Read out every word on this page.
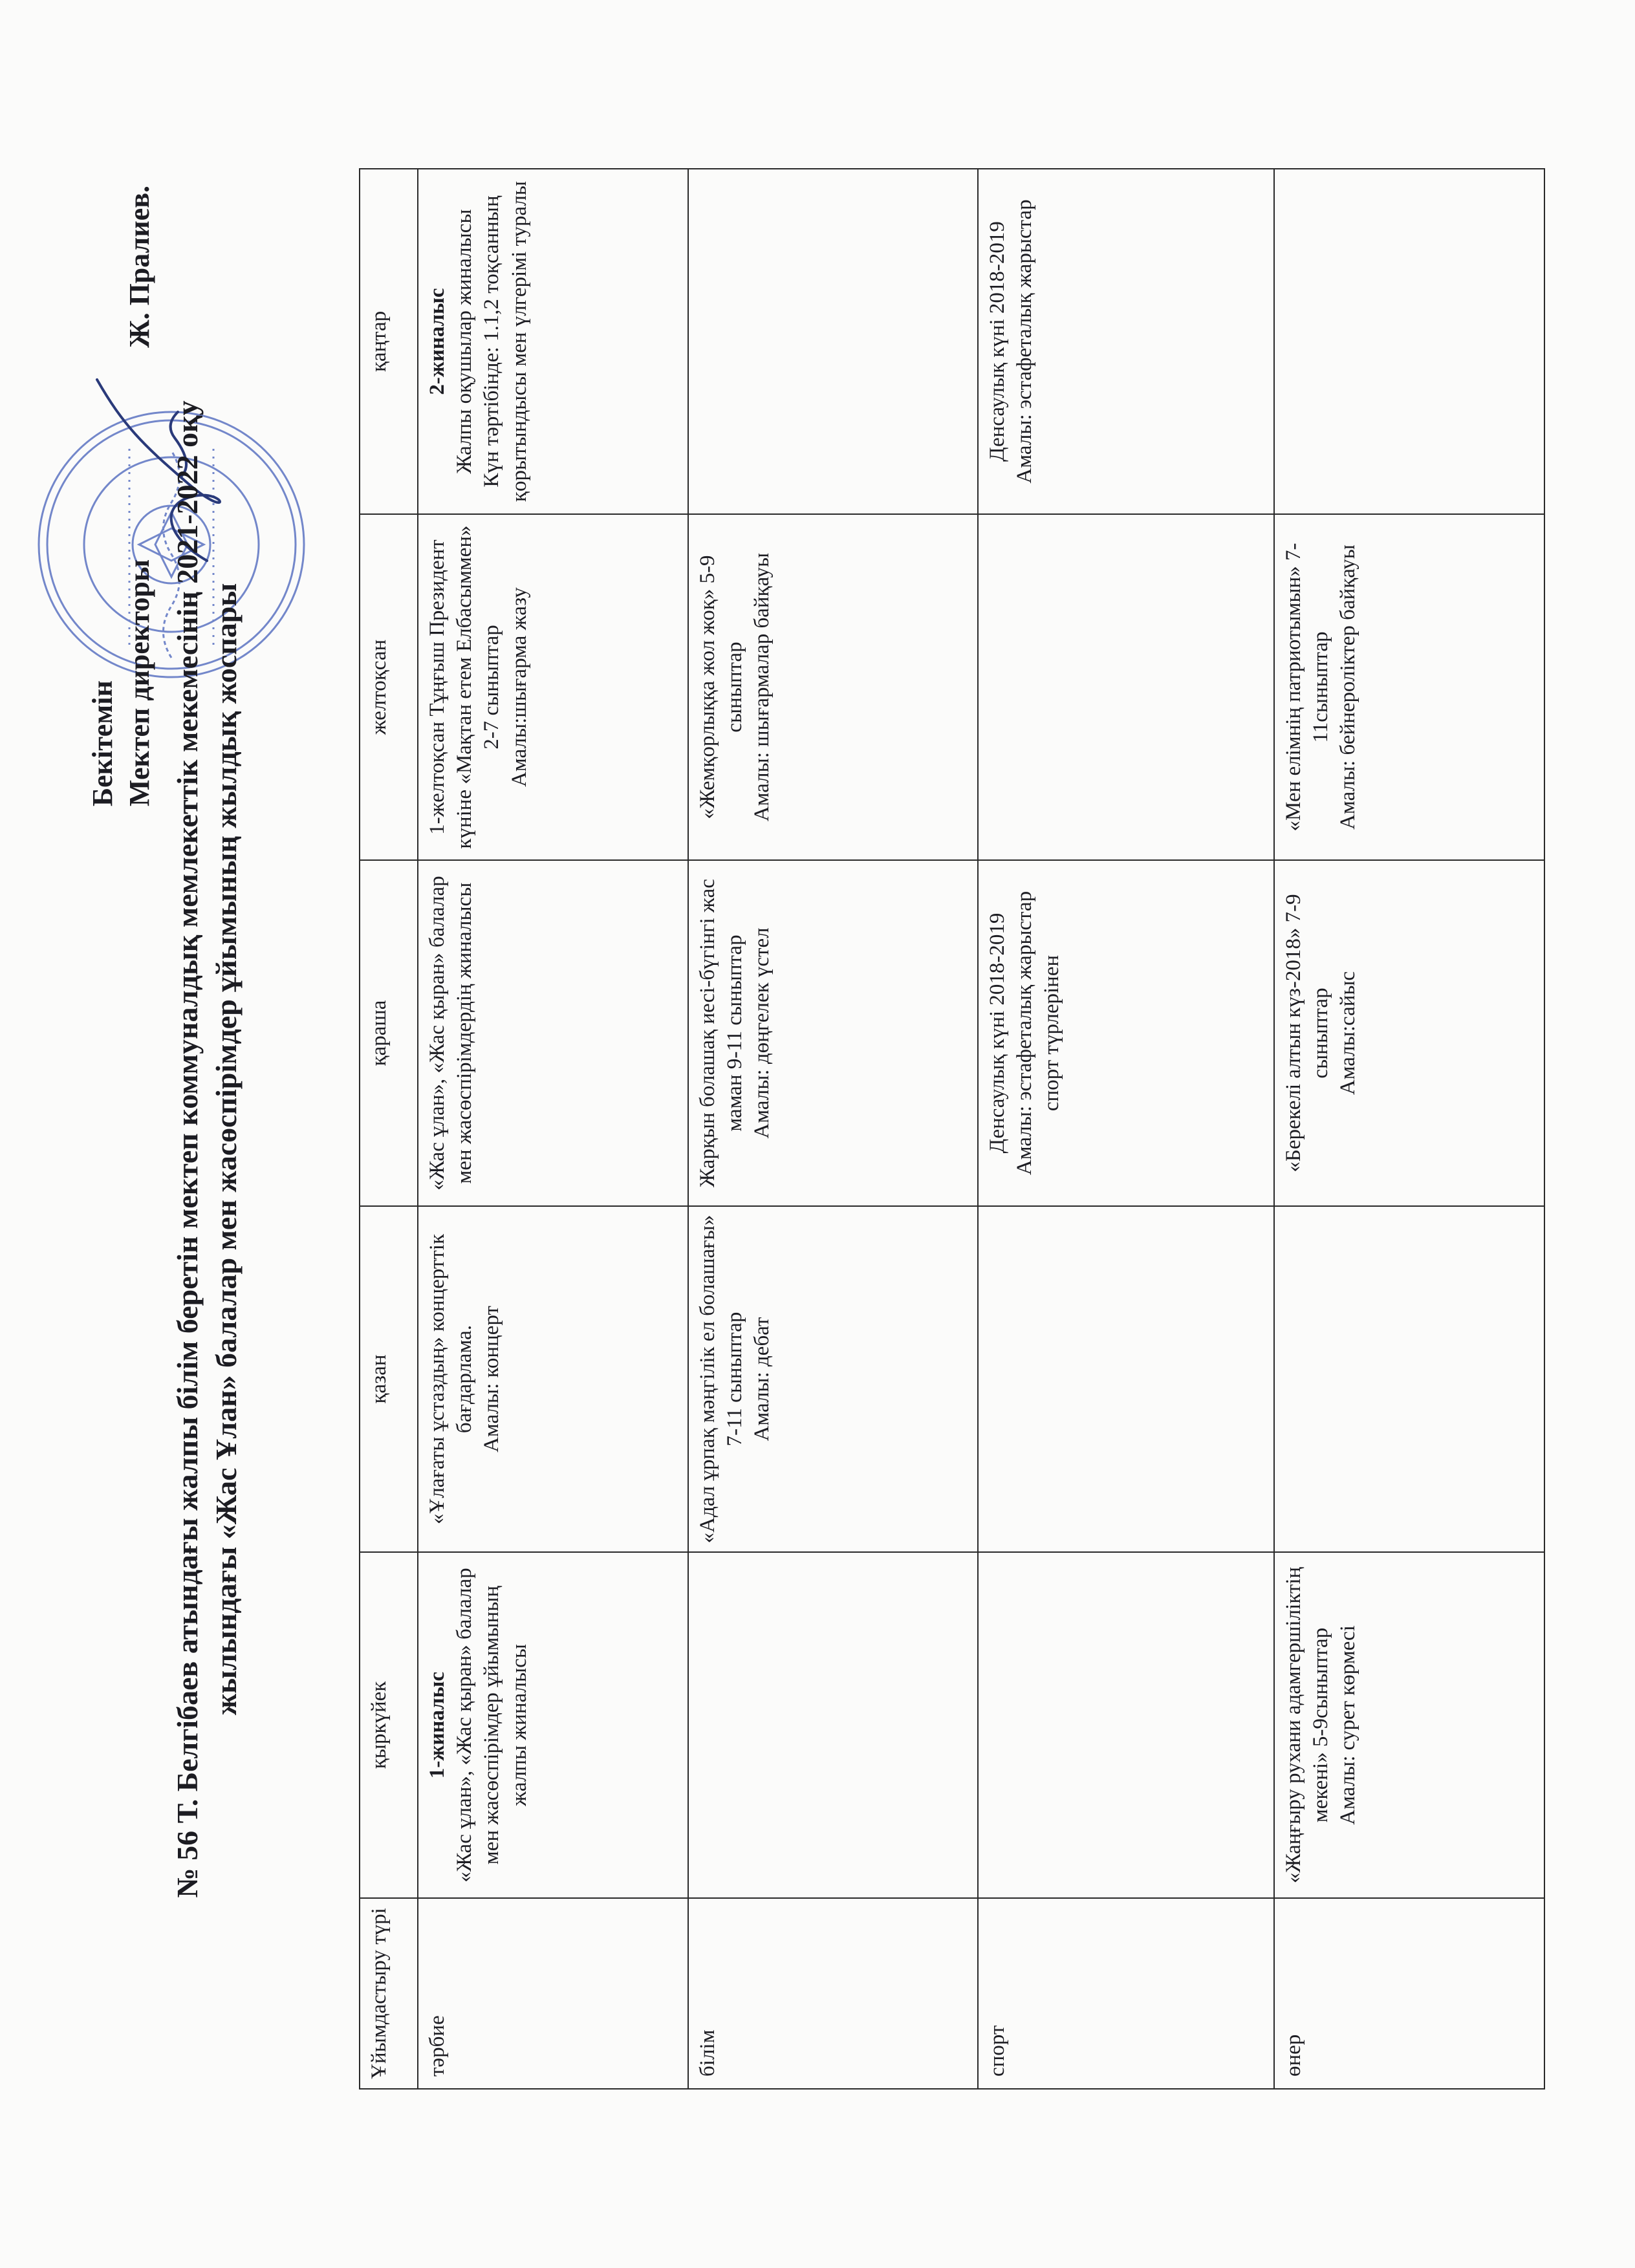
Бекітемін Мектеп директоры
Ж. Пралиев.
№ 56 Т. Белгібаев атындағы жалпы білім беретін мектеп коммуналдық мемлекеттік мекемесінің 2021-2022 оқу жылындағы «Жас Ұлан» балалар мен жасөспірімдер ұйымының жылдық жоспары
Ұйымдастыру түрі	қыркүйек	қазан	қараша	желтоқсан	қаңтар
тәрбие	1-жиналыс «Жас ұлан», «Жас қыран» балалар мен жасөспірімдер ұйымының жалпы жиналысы	«Ұлағаты ұстаздың» концерттік бағдарлама. Амалы: концерт	«Жас ұлан», «Жас қыран» балалар мен жасөспірімдердің жиналысы	1-желтоқсан Тұңғыш Президент күніне «Мақтан етем Елбасыммен» 2-7 сыныптар Амалы:шығарма жазу	2-жиналыс Жалпы оқушылар жиналысы Күн тәртібінде: 1.1,2 тоқсанның қорытындысы мен үлгерімі туралы

білім		«Адал ұрпақ мәңгілік ел болашағы» 7-11 сыныптар Амалы: дебат	Жарқын болашақ иесі-бүгінгі жас маман 9-11 сыныптар Амалы: дөңгелек үстел	«Жемқорлыққа жол жоқ» 5-9 сыныптар Амалы: шығармалар байқауы	

спорт			Денсаулық күні 2018-2019 Амалы: эстафеталық жарыстар спорт түрлерінен		Денсаулық күні 2018-2019 Амалы: эстафеталық жарыстар

өнер	«Жаңғыру рухани адамгершіліктің мекені» 5-9сыныптар Амалы: сурет көрмесі		«Берекелі алтын күз-2018» 7-9 сыныптар Амалы:сайыс	«Мен елімнің патриотымын» 7-11сыныптар Амалы: бейнероліктер байқауы	
